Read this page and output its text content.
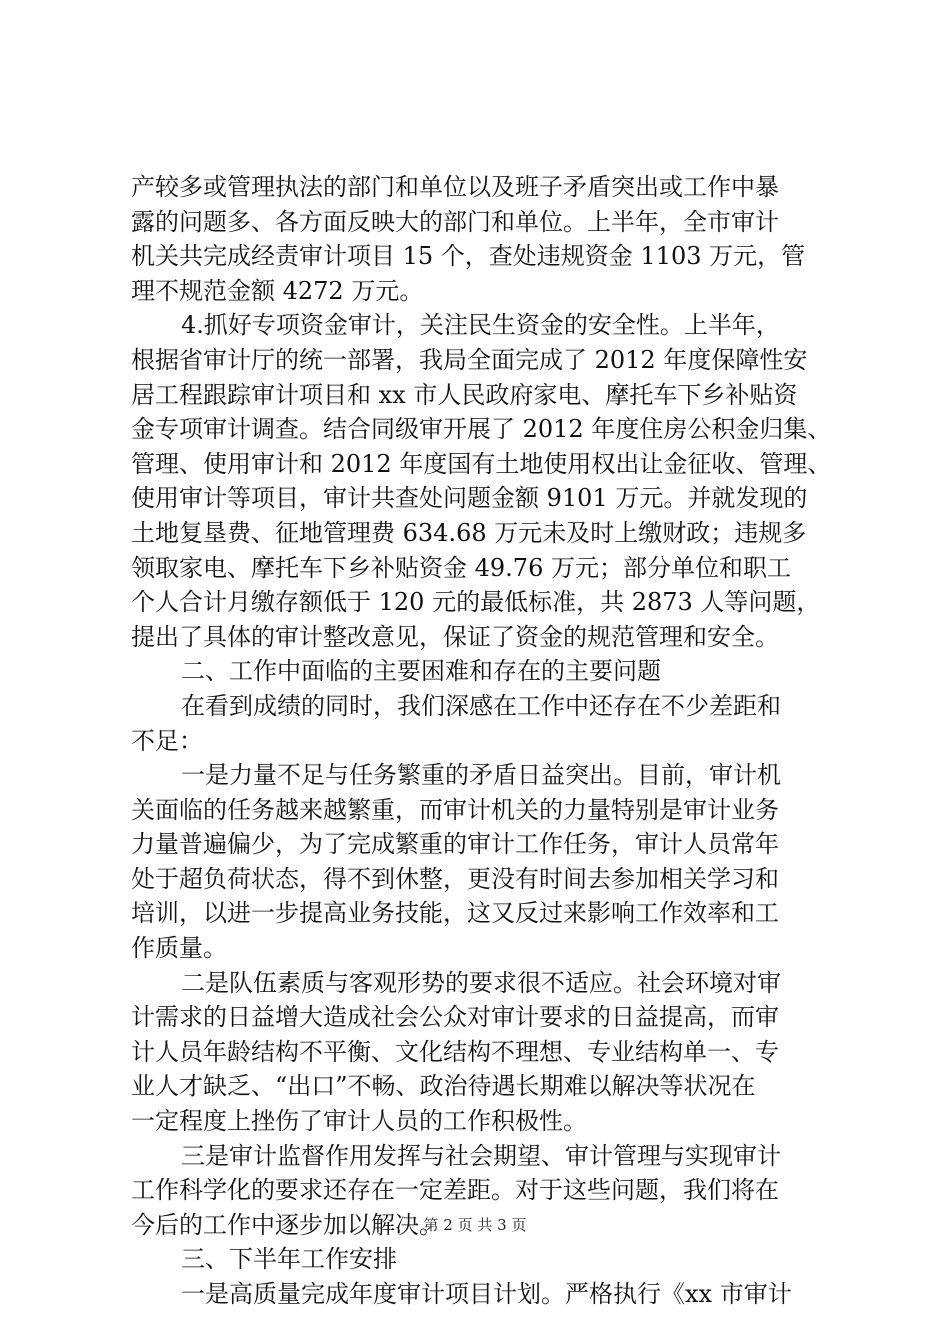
产较多或管理执法的部门和单位以及班子矛盾突出或工作中暴
露的问题多、各方面反映大的部门和单位。上半年，全市审计
机关共完成经责审计项目 15 个，查处违规资金 1103 万元，管
理不规范金额 4272 万元。
4.抓好专项资金审计，关注民生资金的安全性。上半年，
根据省审计厅的统一部署，我局全面完成了 2012 年度保障性安
居工程跟踪审计项目和 xx 市人民政府家电、摩托车下乡补贴资
金专项审计调查。结合同级审开展了 2012 年度住房公积金归集、
管理、使用审计和 2012 年度国有土地使用权出让金征收、管理、
使用审计等项目，审计共查处问题金额 9101 万元。并就发现的
土地复垦费、征地管理费 634.68 万元未及时上缴财政；违规多
领取家电、摩托车下乡补贴资金 49.76 万元；部分单位和职工
个人合计月缴存额低于 120 元的最低标准，共 2873 人等问题，
提出了具体的审计整改意见，保证了资金的规范管理和安全。
二、工作中面临的主要困难和存在的主要问题
在看到成绩的同时，我们深感在工作中还存在不少差距和
不足：
一是力量不足与任务繁重的矛盾日益突出。目前，审计机
关面临的任务越来越繁重，而审计机关的力量特别是审计业务
力量普遍偏少，为了完成繁重的审计工作任务，审计人员常年
处于超负荷状态，得不到休整，更没有时间去参加相关学习和
培训，以进一步提高业务技能，这又反过来影响工作效率和工
作质量。
二是队伍素质与客观形势的要求很不适应。社会环境对审
计需求的日益增大造成社会公众对审计要求的日益提高，而审
计人员年龄结构不平衡、文化结构不理想、专业结构单一、专
业人才缺乏、“出口”不畅、政治待遇长期难以解决等状况在
一定程度上挫伤了审计人员的工作积极性。
三是审计监督作用发挥与社会期望、审计管理与实现审计
工作科学化的要求还存在一定差距。对于这些问题，我们将在
今后的工作中逐步加以解决。
三、下半年工作安排
一是高质量完成年度审计项目计划。严格执行《xx 市审计
第 2 页 共 3 页
